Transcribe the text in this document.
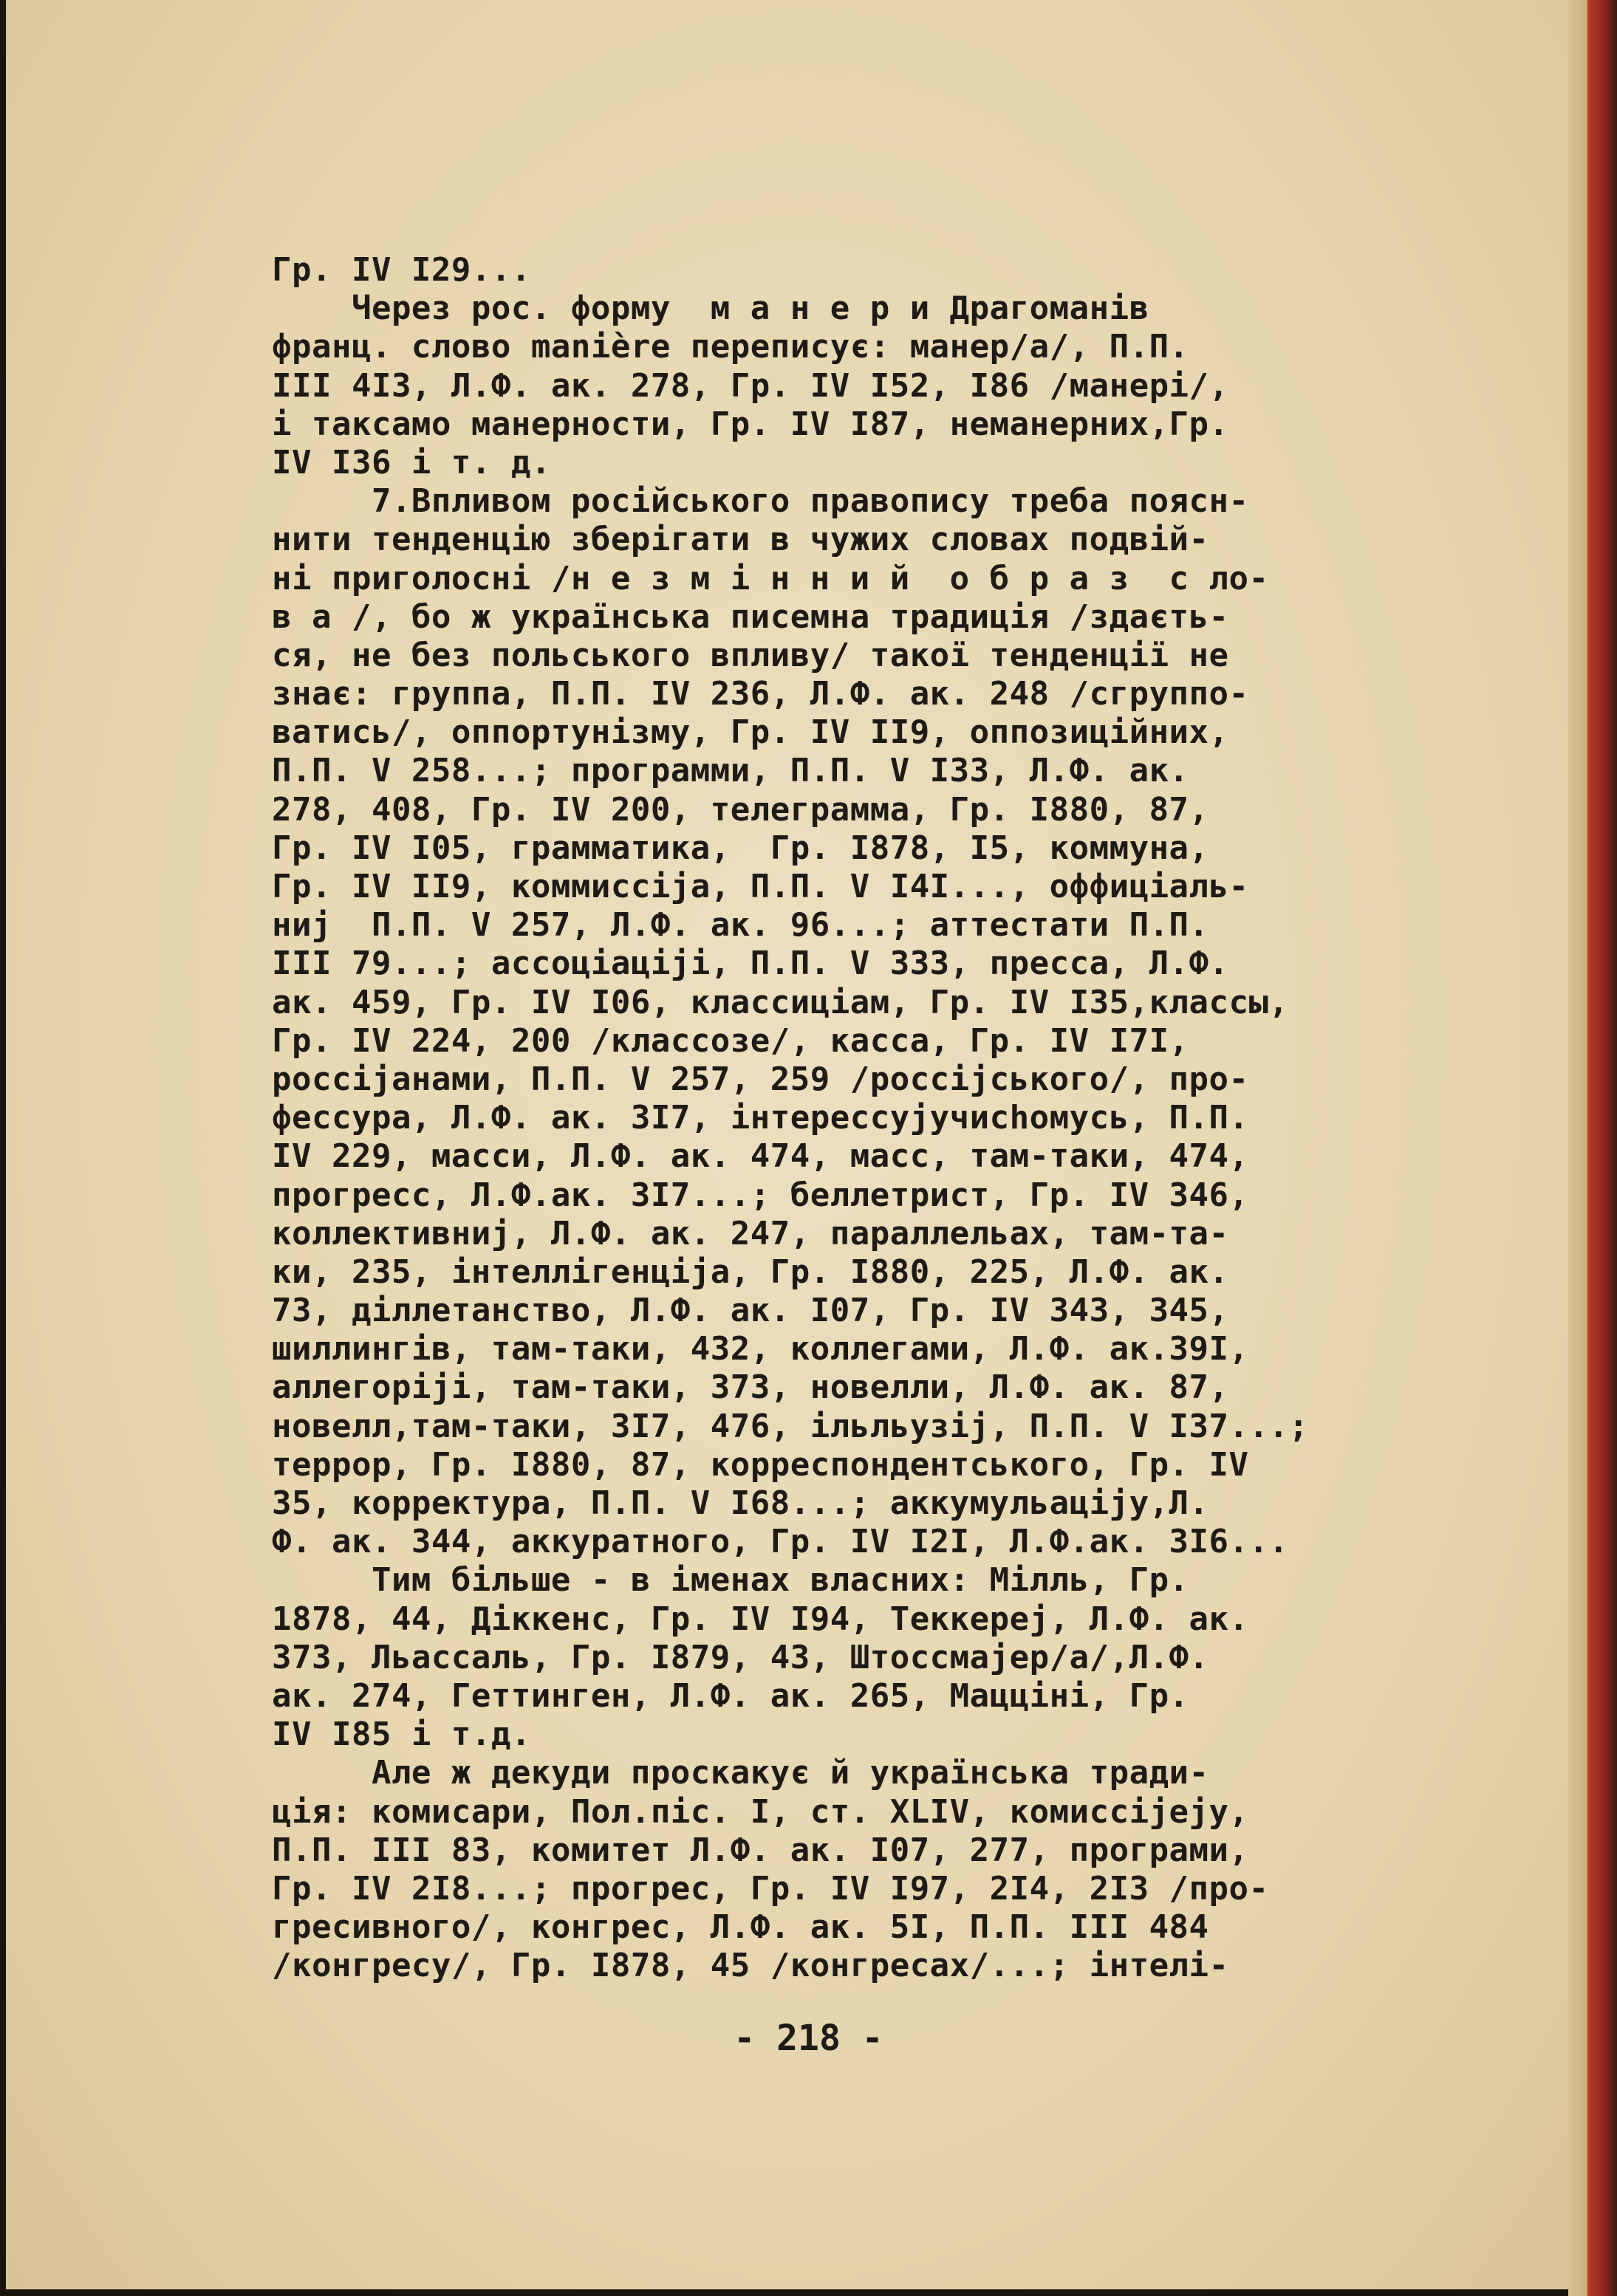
Гр. IV I29...
Через рос. форму  м а н е р и Драгоманів
франц. слово manière переписує: манер/а/, П.П.
III 4I3, Л.Ф. ак. 278, Гр. IV I52, I86 /манері/,
і таксамо манерности, Гр. IV I87, неманерних,Гр.
IV I36 і т. д.
7.Впливом російського правопису треба поясн-
нити тенденцію зберігати в чужих словах подвій-
ні приголосні /н е з м і н н и й  о б р а з  с ло-
в а /, бо ж українська писемна традиція /здаєть-
ся, не без польського впливу/ такої тенденції не
знає: группа, П.П. IV 236, Л.Ф. ак. 248 /сгруппо-
ватись/, оппортунізму, Гр. IV II9, оппозиційних,
П.П. V 258...; программи, П.П. V I33, Л.Ф. ак.
278, 408, Гр. IV 200, телеграмма, Гр. I880, 87,
Гр. IV I05, грамматика,  Гр. I878, I5, коммуна,
Гр. IV II9, коммиссija, П.П. V I4I..., оффиціаль-
ниj  П.П. V 257, Л.Ф. ак. 96...; аттестати П.П.
III 79...; ассоціаціjі, П.П. V 333, пресса, Л.Ф.
ак. 459, Гр. IV I06, классиціам, Гр. IV I35,классы,
Гр. IV 224, 200 /классозе/, касса, Гр. IV I7I,
россіjанами, П.П. V 257, 259 /россіjського/, про-
фессура, Л.Ф. ак. 3I7, інтерессуjучиchомусь, П.П.
IV 229, масси, Л.Ф. ак. 474, масс, там-таки, 474,
прогресс, Л.Ф.ак. 3I7...; беллетрист, Гр. IV 346,
коллективниj, Л.Ф. ак. 247, параллельах, там-та-
ки, 235, інтеллігенціjа, Гр. I880, 225, Л.Ф. ак.
73, діллетанство, Л.Ф. ак. I07, Гр. IV 343, 345,
шиллингів, там-таки, 432, коллегами, Л.Ф. ак.39I,
аллегоріjі, там-таки, 373, новелли, Л.Ф. ак. 87,
новелл,там-таки, 3I7, 476, ільльузіj, П.П. V I37...;
террор, Гр. I880, 87, корреспондентського, Гр. IV
35, корректура, П.П. V I68...; аккумульаціjу,Л.
Ф. ак. 344, аккуратного, Гр. IV I2I, Л.Ф.ак. 3I6...
Тим більше - в іменах власних: Мілль, Гр.
1878, 44, Діккенс, Гр. IV I94, Теккереj, Л.Ф. ак.
373, Льассаль, Гр. I879, 43, Штоссмаjер/а/,Л.Ф.
ак. 274, Геттинген, Л.Ф. ак. 265, Маццінi, Гр.
IV I85 і т.д.
Але ж декуди проскакує й українська тради-
ція: комисари, Пол.піс. I, ст. XLIV, комиссіjeју,
П.П. III 83, комитет Л.Ф. ак. I07, 277, програми,
Гр. IV 2I8...; прогрес, Гр. IV I97, 2I4, 2I3 /про-
гресивного/, конгрес, Л.Ф. ак. 5I, П.П. III 484
/конгресу/, Гр. I878, 45 /конгресах/...; інтелі-
- 218 -
